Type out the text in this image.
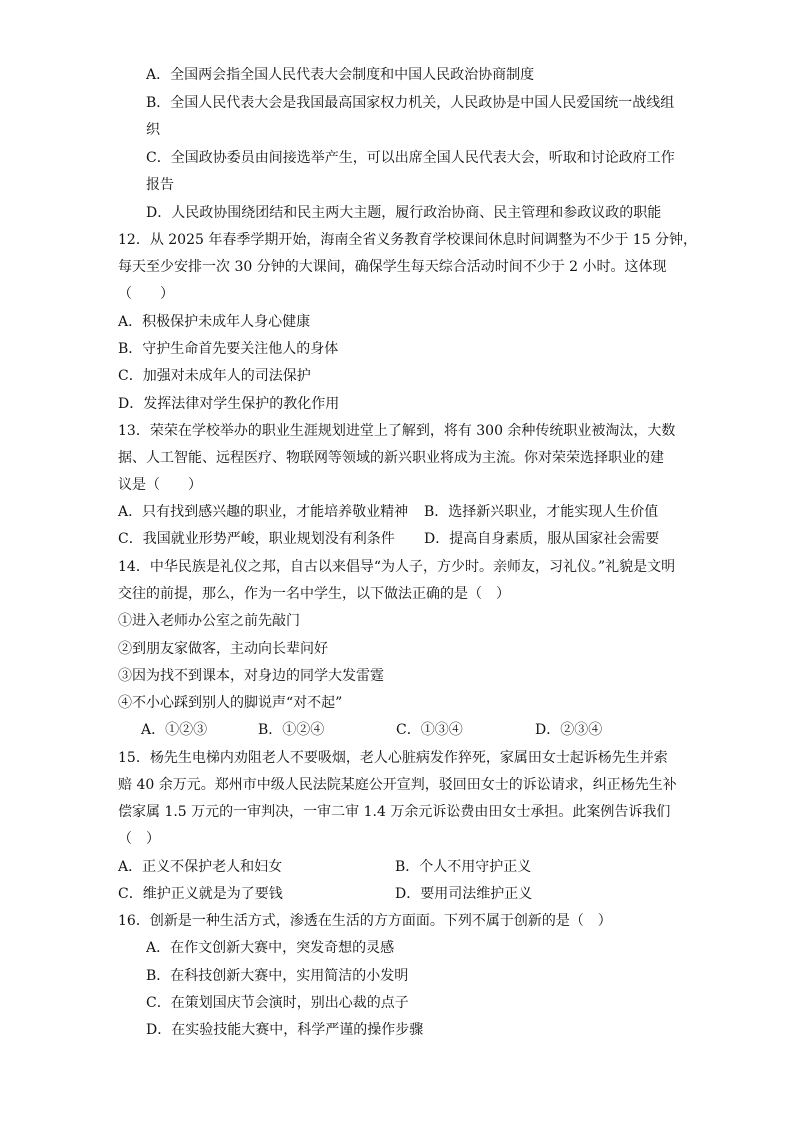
A．全国两会指全国人民代表大会制度和中国人民政治协商制度
B．全国人民代表大会是我国最高国家权力机关，人民政协是中国人民爱国统一战线组
织
C．全国政协委员由间接选举产生，可以出席全国人民代表大会，听取和讨论政府工作
报告
D．人民政协围绕团结和民主两大主题，履行政治协商、民主管理和参政议政的职能
12．从 2025 年春季学期开始，海南全省义务教育学校课间休息时间调整为不少于 15 分钟，
每天至少安排一次 30 分钟的大课间，确保学生每天综合活动时间不少于 2 小时。这体现
（　　）
A．积极保护未成年人身心健康
B．守护生命首先要关注他人的身体
C．加强对未成年人的司法保护
D．发挥法律对学生保护的教化作用
13．荣荣在学校举办的职业生涯规划进堂上了解到，将有 300 余种传统职业被淘汰，大数
据、人工智能、远程医疗、物联网等领域的新兴职业将成为主流。你对荣荣选择职业的建
议是（　　）
A．只有找到感兴趣的职业，才能培养敬业精神 B．选择新兴职业，才能实现人生价值
C．我国就业形势严峻，职业规划没有利条件 D．提高自身素质，服从国家社会需要
14．中华民族是礼仪之邦，自古以来倡导“为人子，方少时。亲师友，习礼仪。”礼貌是文明
交往的前提，那么，作为一名中学生，以下做法正确的是（　）
①进入老师办公室之前先敲门
②到朋友家做客，主动向长辈问好
③因为找不到课本，对身边的同学大发雷霆
④不小心踩到别人的脚说声“对不起”
A．①②③	B．①②④	C．①③④	D．②③④
15．杨先生电梯内劝阻老人不要吸烟，老人心脏病发作猝死，家属田女士起诉杨先生并索
赔 40 余万元。郑州市中级人民法院某庭公开宣判，驳回田女士的诉讼请求，纠正杨先生补
偿家属 1.5 万元的一审判决，一审二审 1.4 万余元诉讼费由田女士承担。此案例告诉我们
（　）
A．正义不保护老人和妇女	B．个人不用守护正义
C．维护正义就是为了要钱	D．要用司法维护正义
16．创新是一种生活方式，渗透在生活的方方面面。下列不属于创新的是（　）
A．在作文创新大赛中，突发奇想的灵感
B．在科技创新大赛中，实用简洁的小发明
C．在策划国庆节会演时，别出心裁的点子
D．在实验技能大赛中，科学严谨的操作步骤
